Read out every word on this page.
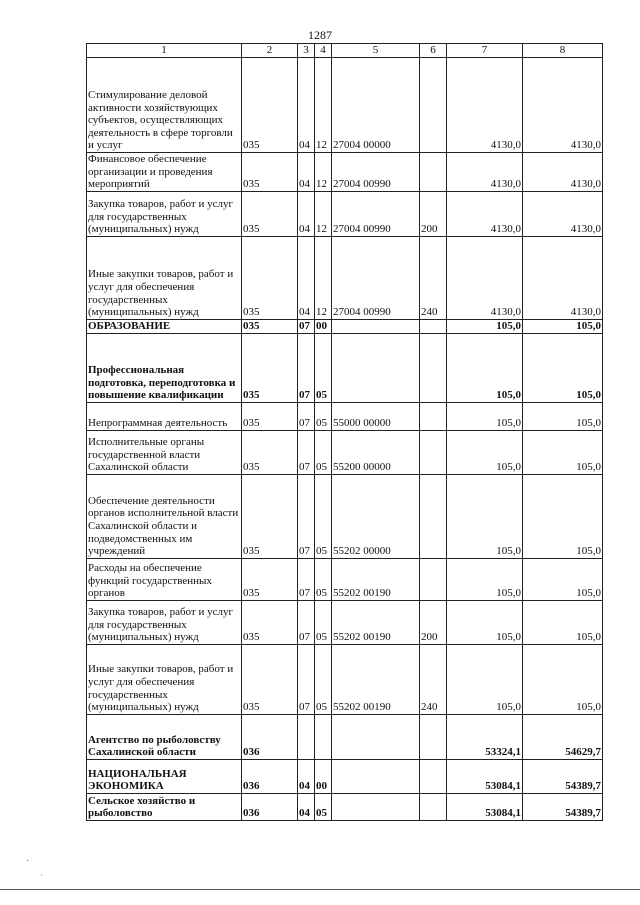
1287
1	2	3	4	5	6	7	8
Стимулирование деловой активности хозяйствующих субъектов, осуществляющих деятельность в сфере торговли и услуг	035	04	12	27004 00000		4130,0	4130,0
Финансовое обеспечение организации и проведения мероприятий	035	04	12	27004 00990		4130,0	4130,0
Закупка товаров, работ и услуг для государственных (муниципальных) нужд	035	04	12	27004 00990	200	4130,0	4130,0
Иные закупки товаров, работ и услуг для обеспечения государственных (муниципальных) нужд	035	04	12	27004 00990	240	4130,0	4130,0
ОБРАЗОВАНИЕ	035	07	00			105,0	105,0
Профессиональная подготовка, переподготовка и повышение квалификации	035	07	05			105,0	105,0
Непрограммная деятельность	035	07	05	55000 00000		105,0	105,0
Исполнительные органы государственной власти Сахалинской области	035	07	05	55200 00000		105,0	105,0
Обеспечение деятельности органов исполнительной власти Сахалинской области и подведомственных им учреждений	035	07	05	55202 00000		105,0	105,0
Расходы на обеспечение функций государственных органов	035	07	05	55202 00190		105,0	105,0
Закупка товаров, работ и услуг для государственных (муниципальных) нужд	035	07	05	55202 00190	200	105,0	105,0
Иные закупки товаров, работ и услуг для обеспечения государственных (муниципальных) нужд	035	07	05	55202 00190	240	105,0	105,0
Агентство по рыболовству Сахалинской области	036					53324,1	54629,7
НАЦИОНАЛЬНАЯ ЭКОНОМИКА	036	04	00			53084,1	54389,7
Сельское хозяйство и рыболовство	036	04	05			53084,1	54389,7
·
˴
